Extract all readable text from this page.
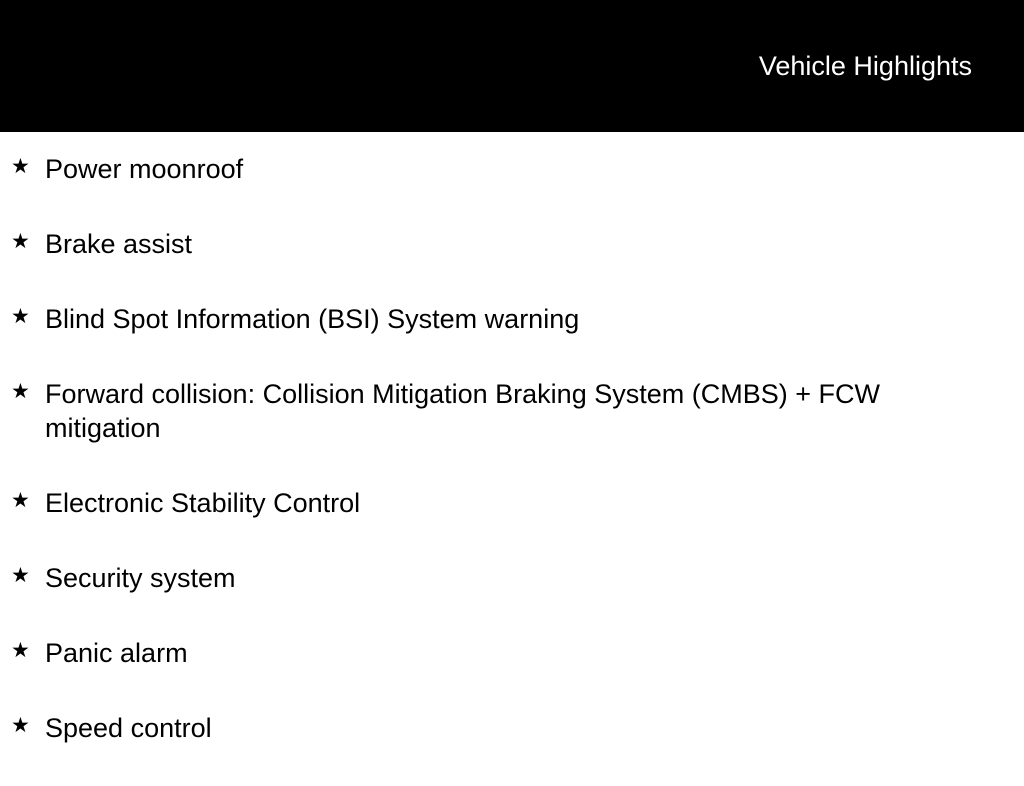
Vehicle Highlights
★ Power moonroof
★ Brake assist
★ Blind Spot Information (BSI) System warning
★ Forward collision: Collision Mitigation Braking System (CMBS) + FCW mitigation
★ Electronic Stability Control
★ Security system
★ Panic alarm
★ Speed control
